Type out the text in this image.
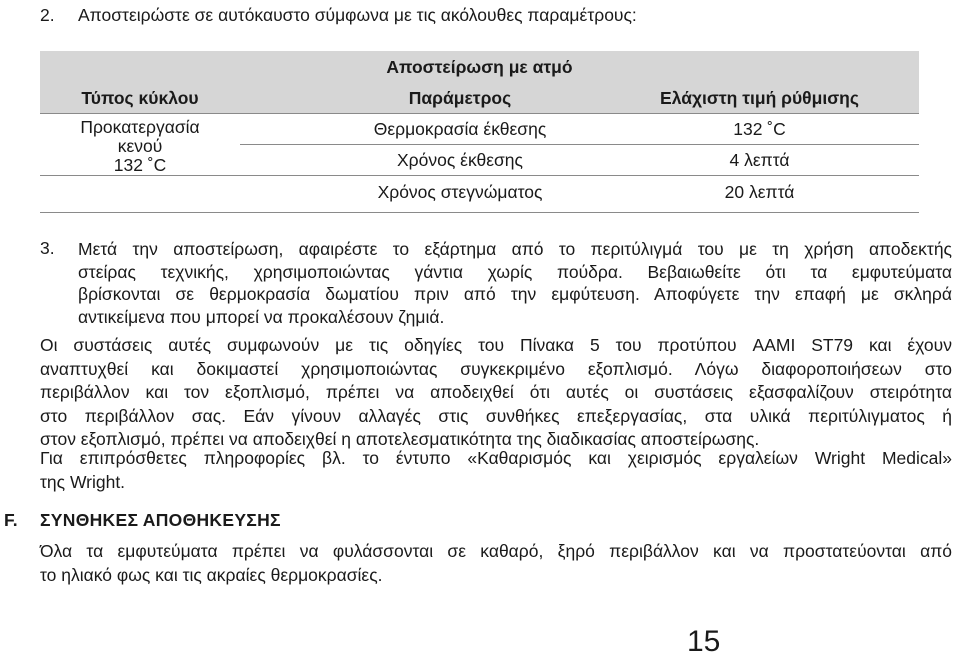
2. Αποστειρώστε σε αυτόκαυστο σύμφωνα με τις ακόλουθες παραμέτρους:
Αποστείρωση με ατμό
Τύπος κύκλου	Παράμετρος	Ελάχιστη τιμή ρύθμισης
Προκατεργασία
κενού
132 ˚C
Θερμοκρασία έκθεσης	132 ˚C
Χρόνος έκθεσης	4 λεπτά
Χρόνος στεγνώματος	20 λεπτά
3. Μετά την αποστείρωση, αφαιρέστε το εξάρτημα από το περιτύλιγμά του με τη χρήση αποδεκτής
στείρας τεχνικής, χρησιμοποιώντας γάντια χωρίς πούδρα. Βεβαιωθείτε ότι τα εμφυτεύματα
βρίσκονται σε θερμοκρασία δωματίου πριν από την εμφύτευση. Αποφύγετε την επαφή με σκληρά
αντικείμενα που μπορεί να προκαλέσουν ζημιά.
Οι συστάσεις αυτές συμφωνούν με τις οδηγίες του Πίνακα 5 του προτύπου AAMI ST79 και έχουν
αναπτυχθεί και δοκιμαστεί χρησιμοποιώντας συγκεκριμένο εξοπλισμό. Λόγω διαφοροποιήσεων στο
περιβάλλον και τον εξοπλισμό, πρέπει να αποδειχθεί ότι αυτές οι συστάσεις εξασφαλίζουν στειρότητα
στο περιβάλλον σας. Εάν γίνουν αλλαγές στις συνθήκες επεξεργασίας, στα υλικά περιτύλιγματος ή
στον εξοπλισμό, πρέπει να αποδειχθεί η αποτελεσματικότητα της διαδικασίας αποστείρωσης.
Για επιπρόσθετες πληροφορίες βλ. το έντυπο «Καθαρισμός και χειρισμός εργαλείων Wright Medical»
της Wright.
F. ΣΥΝΘΗΚΕΣ ΑΠΟΘΗΚΕΥΣΗΣ
Όλα τα εμφυτεύματα πρέπει να φυλάσσονται σε καθαρό, ξηρό περιβάλλον και να προστατεύονται από
το ηλιακό φως και τις ακραίες θερμοκρασίες.
15
